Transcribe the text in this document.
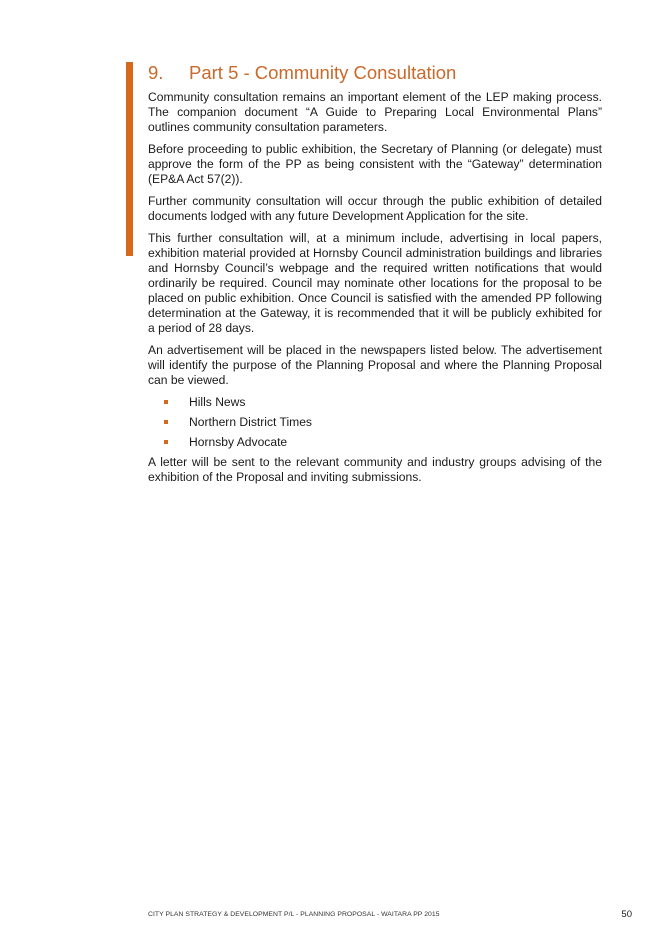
9. Part 5 - Community Consultation

Community consultation remains an important element of the LEP making process. The companion document “A Guide to Preparing Local Environmental Plans” outlines community consultation parameters.

Before proceeding to public exhibition, the Secretary of Planning (or delegate) must approve the form of the PP as being consistent with the “Gateway” determination (EP&A Act 57(2)).

Further community consultation will occur through the public exhibition of detailed documents lodged with any future Development Application for the site.

This further consultation will, at a minimum include, advertising in local papers, exhibition material provided at Hornsby Council administration buildings and libraries and Hornsby Council’s webpage and the required written notifications that would ordinarily be required. Council may nominate other locations for the proposal to be placed on public exhibition. Once Council is satisfied with the amended PP following determination at the Gateway, it is recommended that it will be publicly exhibited for a period of 28 days.

An advertisement will be placed in the newspapers listed below. The advertisement will identify the purpose of the Planning Proposal and where the Planning Proposal can be viewed.

Hills News
Northern District Times
Hornsby Advocate

A letter will be sent to the relevant community and industry groups advising of the exhibition of the Proposal and inviting submissions.

CITY PLAN STRATEGY & DEVELOPMENT P/L - PLANNING PROPOSAL - WAITARA PP 2015	50
